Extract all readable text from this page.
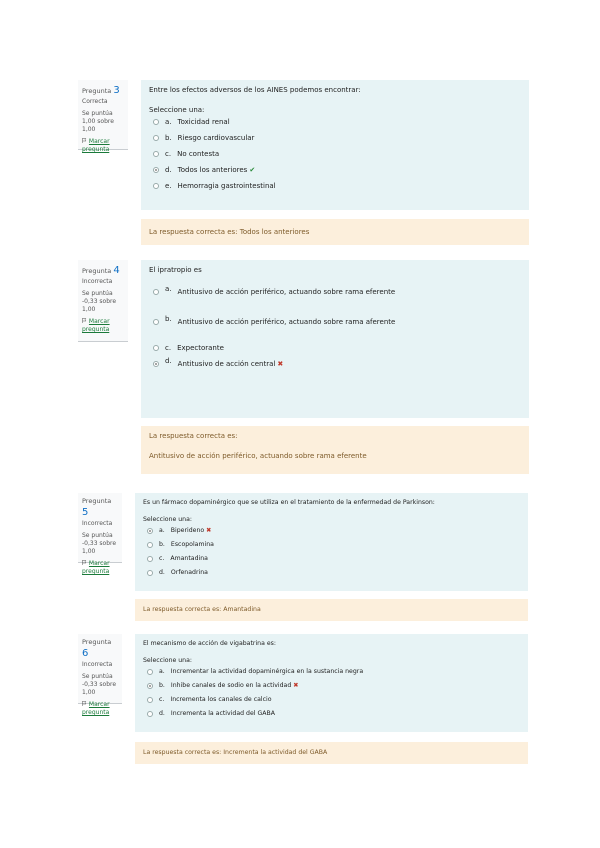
Pregunta 3
Correcta
Se puntúa 1,00 sobre 1,00
Marcar pregunta
Entre los efectos adversos de los AINES podemos encontrar:
Seleccione una:
a. Toxicidad renal
b. Riesgo cardiovascular
c. No contesta
d. Todos los anteriores ✔
e. Hemorragia gastrointestinal
La respuesta correcta es: Todos los anteriores
Pregunta 4
Incorrecta
Se puntúa -0,33 sobre 1,00
Marcar pregunta
El ipratropio es
a. Antitusivo de acción periférico, actuando sobre rama eferente
b. Antitusivo de acción periférico, actuando sobre rama aferente
c. Expectorante
d. Antitusivo de acción central ✖
La respuesta correcta es:
Antitusivo de acción periférico, actuando sobre rama eferente
Pregunta 5
Incorrecta
Se puntúa -0,33 sobre 1,00
Marcar pregunta
Es un fármaco dopaminérgico que se utiliza en el tratamiento de la enfermedad de Parkinson:
Seleccione una:
a. Biperideno ✖
b. Escopolamina
c. Amantadina
d. Orfenadrina
La respuesta correcta es: Amantadina
Pregunta 6
Incorrecta
Se puntúa -0,33 sobre 1,00
Marcar pregunta
El mecanismo de acción de vigabatrina es:
Seleccione una:
a. Incrementar la actividad dopaminérgica en la sustancia negra
b. Inhibe canales de sodio en la actividad ✖
c. Incrementa los canales de calcio
d. Incrementa la actividad del GABA
La respuesta correcta es: Incrementa la actividad del GABA
